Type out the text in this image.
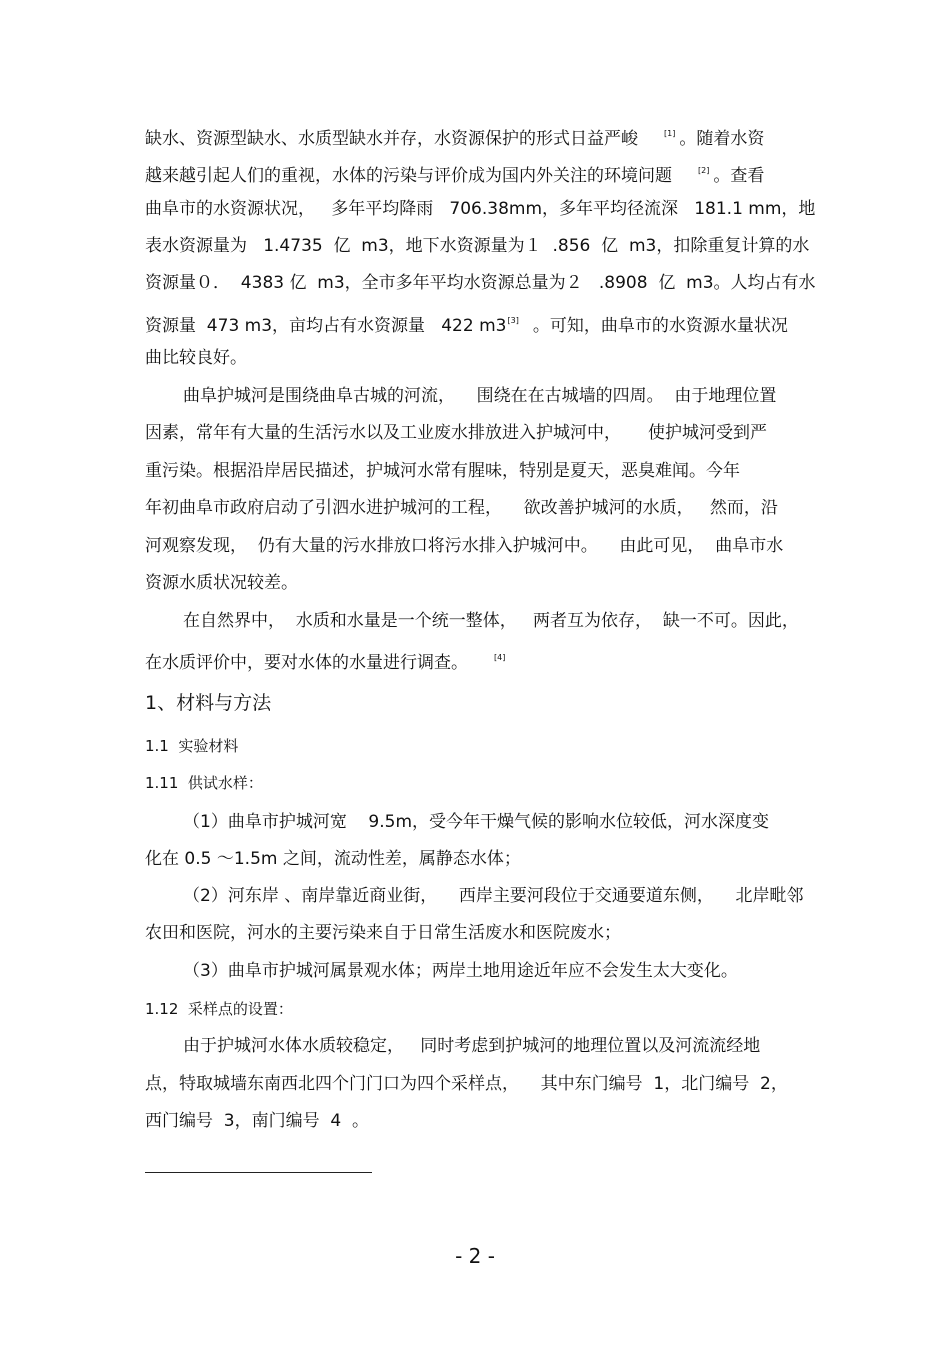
缺水、资源型缺水、水质型缺水并存，水资源保护的形式日益严峻	[1] 。随着水资
越来越引起人们的重视，水体的污染与评价成为国内外关注的环境问题	[2] 。查看
曲阜市的水资源状况，   多年平均降雨   706.38mm，多年平均径流深   181.1 mm，地
表水资源量为   1.4735  亿  m3，地下水资源量为１  .856  亿  m3，扣除重复计算的水
资源量０．  4383 亿  m3，全市多年平均水资源总量为２   .8908  亿  m3。人均占有水
资源量  473 m3，亩均占有水资源量   422 m3[3] 。可知，曲阜市的水资源水量状况
曲比较良好。
曲阜护城河是围绕曲阜古城的河流，    围绕在在古城墙的四周。  由于地理位置
因素，常年有大量的生活污水以及工业废水排放进入护城河中，     使护城河受到严
重污染。根据沿岸居民描述，护城河水常有腥味，特别是夏天，恶臭难闻。今年
年初曲阜市政府启动了引泗水进护城河的工程，    欲改善护城河的水质，   然而，沿
河观察发现，  仍有大量的污水排放口将污水排入护城河中。    由此可见，  曲阜市水
资源水质状况较差。
在自然界中，  水质和水量是一个统一整体，   两者互为依存，  缺一不可。因此，
在水质评价中，要对水体的水量进行调查。	[4]
1、材料与方法
1.1  实验材料
1.11  供试水样：
（1）曲阜市护城河宽    9.5m，受今年干燥气候的影响水位较低，河水深度变
化在 0.5 ～1.5m 之间，流动性差，属静态水体；
（2）河东岸 、南岸靠近商业街，    西岸主要河段位于交通要道东侧，    北岸毗邻
农田和医院，河水的主要污染来自于日常生活废水和医院废水；
（3）曲阜市护城河属景观水体；两岸土地用途近年应不会发生太大变化。
1.12  采样点的设置：
由于护城河水体水质较稳定，   同时考虑到护城河的地理位置以及河流流经地
点，特取城墙东南西北四个门门口为四个采样点，    其中东门编号  1，北门编号  2，
西门编号  3，南门编号  4  。
- 2 -
